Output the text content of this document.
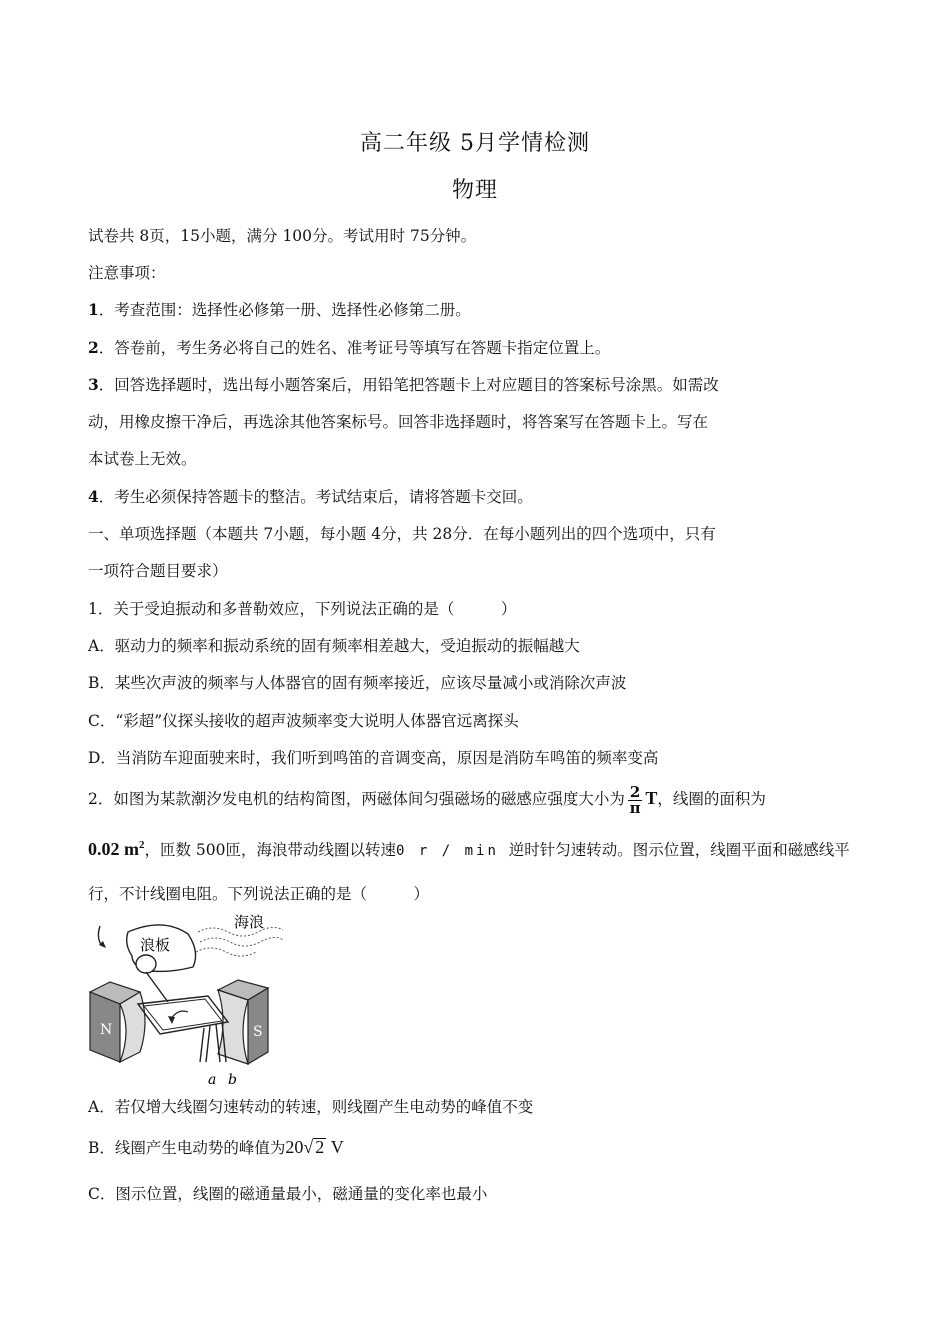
高二年级 5月学情检测
物理
试卷共 8页，15小题，满分 100分。考试用时 75分钟。
注意事项：
1．考查范围：选择性必修第一册、选择性必修第二册。
2．答卷前，考生务必将自己的姓名、准考证号等填写在答题卡指定位置上。
3．回答选择题时，选出每小题答案后，用铅笔把答题卡上对应题目的答案标号涂黑。如需改
动，用橡皮擦干净后，再选涂其他答案标号。回答非选择题时，将答案写在答题卡上。写在
本试卷上无效。
4．考生必须保持答题卡的整洁。考试结束后，请将答题卡交回。
一、单项选择题（本题共 7小题，每小题 4分，共 28分．在每小题列出的四个选项中，只有
一项符合题目要求）
1．关于受迫振动和多普勒效应，下列说法正确的是（　　　）
A．驱动力的频率和振动系统的固有频率相差越大，受迫振动的振幅越大
B．某些次声波的频率与人体器官的固有频率接近，应该尽量减小或消除次声波
C．“彩超”仪探头接收的超声波频率变大说明人体器官远离探头
D．当消防车迎面驶来时，我们听到鸣笛的音调变高，原因是消防车鸣笛的频率变高
2．如图为某款潮汐发电机的结构简图，两磁体间匀强磁场的磁感应强度大小为 $\frac{2}{\pi}$ T，线圈的面积为
0.02 $m^2$，匝数 500匝，海浪带动线圈以转速0 r / min 逆时针匀速转动。图示位置，线圈平面和磁感线平
行，不计线圈电阻。下列说法正确的是（　　　）
浪板
海浪
N	S
a b
A．若仅增大线圈匀速转动的转速，则线圈产生电动势的峰值不变
B．线圈产生电动势的峰值为20√ 2 V
C．图示位置，线圈的磁通量最小，磁通量的变化率也最小
